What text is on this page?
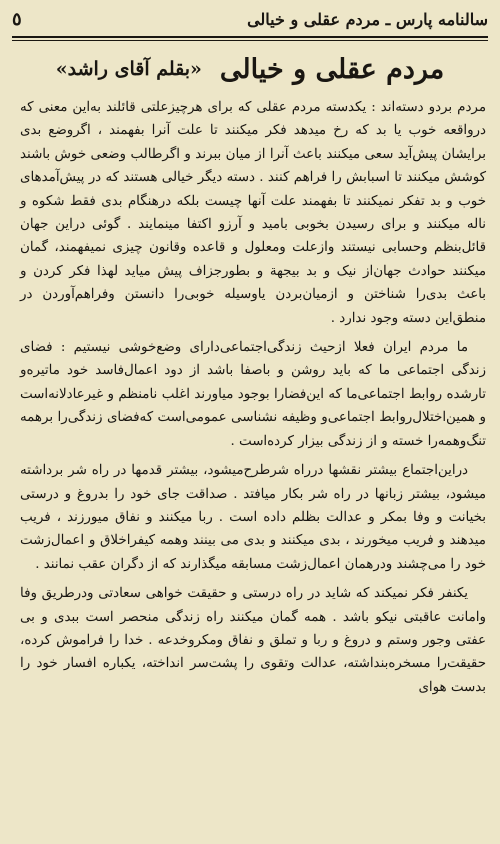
سالنامه پارس ـ مردم عقلی و خیالی
٥
مردم عقلی و خیالی
«بقلم آقای راشد»

مردم بردو دسته‌اند : یکدسته مردم عقلی که برای هرچیزعلتی قائلند به‌این معنی که درواقعه خوب یا بد که رخ میدهد فکر میکنند تا علت آنرا بفهمند ، اگروضع بدی برایشان پیش‌آید سعی میکنند باعث آنرا از میان ببرند و اگرطالب وضعی خوش باشند کوشش میکنند تا اسبابش را فراهم کنند . دسته دیگر خیالی هستند که در پیش‌آمدهای خوب و بد تفکر نمیکنند تا بفهمند علت آنها چیست بلکه درهنگام بدی فقط شکوه و ناله میکنند و برای رسیدن بخوبی بامید و آرزو اکتفا مینمایند . گوئی دراین جهان قائل‌بنظم وحسابی نیستند وازعلت ومعلول و قاعده وقانون چیزی نمیفهمند، گمان میکنند حوادث جهان‌از نیک و بد بیجهة و بطورجزاف پیش میاید لهذا فکر کردن و باعث بدی‌را شناختن و ازمیان‌بردن یاوسیله خوبی‌را دانستن وفراهم‌آوردن در منطق‌این دسته وجود ندارد .

ما مردم ایران فعلا ازحیث زندگی‌اجتماعی‌دارای وضع‌خوشی نیستیم : فضای زندگی اجتماعی ما که باید روشن و باصفا باشد از دود اعمال‌فاسد خود ماتیره‌و تارشده روابط اجتماعی‌ما که این‌فضارا بوجود میاورند اغلب نامنظم و غیرعادلانه‌است و همین‌اختلال‌روابط اجتماعی‌و وظیفه نشناسی عمومی‌است که‌فضای زندگی‌را برهمه تنگ‌وهمه‌را خسته و از زندگی بیزار کرده‌است .

دراین‌اجتماع بیشتر نقشها درراه شرطرح‌میشود، بیشتر قدمها در راه شر برداشته میشود، بیشتر زبانها در راه شر بکار میافتد . صداقت جای خود را بدروغ و درستی بخیانت و وفا بمکر و عدالت بظلم داده است . ربا میکنند و نفاق میورزند ، فریب میدهند و فریب میخورند ، بدی میکنند و بدی می بینند وهمه کیفراخلاق و اعمال‌زشت خود را می‌چشند ودرهمان اعمال‌زشت مسابقه میگذارند که از دگران عقب نمانند .

یکنفر فکر نمیکند که شاید در راه درستی و حقیقت خواهی سعادتی ودرطریق وفا وامانت عاقبتی نیکو باشد . همه گمان میکنند راه زندگی منحصر است ببدی و بی عفتی وجور وستم و دروغ و ربا و تملق و نفاق ومکروخدعه . خدا را فراموش کرده، حقیقت‌را مسخره‌بنداشته، عدالت وتقوی را پشت‌سر انداخته، یکباره افسار خود را بدست هوای
